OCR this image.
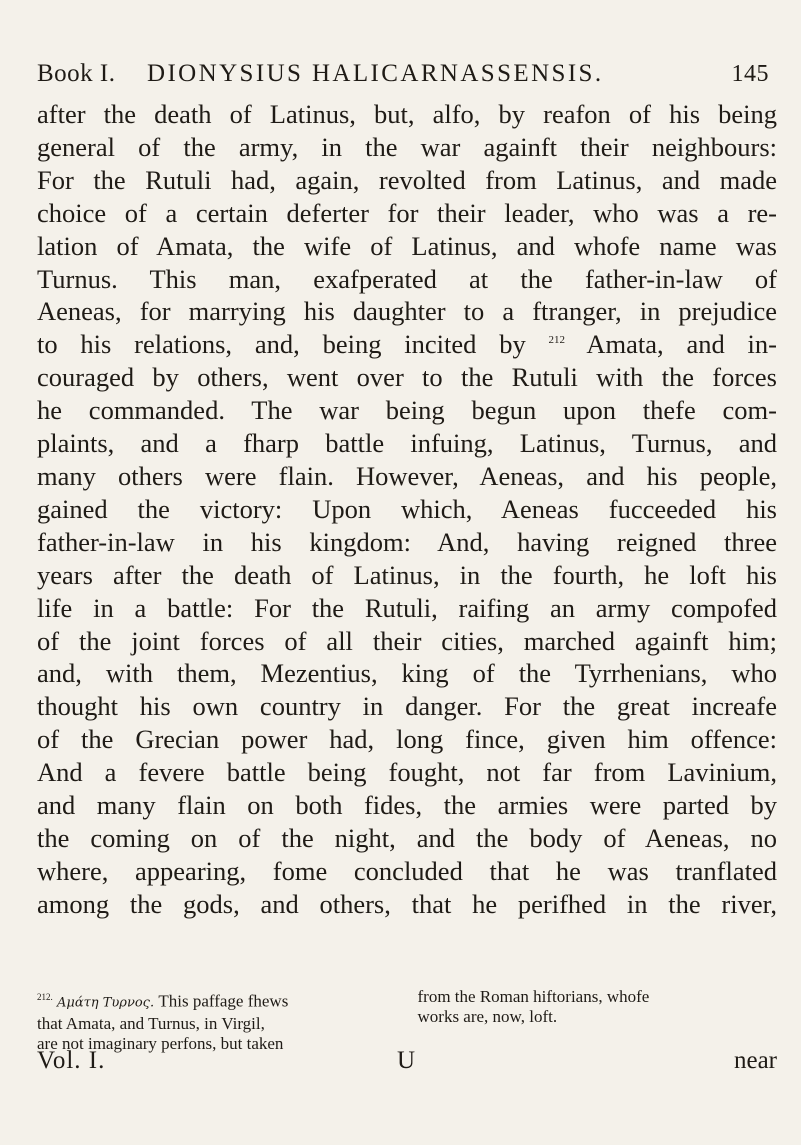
Book I.	DIONYSIUS HALICARNASSENSIS.	145
after the death of Latinus, but, alfo, by reafon of his being
general of the army, in the war againft their neighbours:
For the Rutuli had, again, revolted from Latinus, and made
choice of a certain deferter for their leader, who was a re-
lation of Amata, the wife of Latinus, and whofe name was
Turnus. This man, exafperated at the father-in-law of
Aeneas, for marrying his daughter to a ftranger, in prejudice
to his relations, and, being incited by $^{212}$ Amata, and in-
couraged by others, went over to the Rutuli with the forces
he commanded. The war being begun upon thefe com-
plaints, and a fharp battle infuing, Latinus, Turnus, and
many others were flain. However, Aeneas, and his people,
gained the victory: Upon which, Aeneas fucceeded his
father-in-law in his kingdom: And, having reigned three
years after the death of Latinus, in the fourth, he loft his
life in a battle: For the Rutuli, raifing an army compofed
of the joint forces of all their cities, marched againft him;
and, with them, Mezentius, king of the Tyrrhenians, who
thought his own country in danger. For the great increafe
of the Grecian power had, long fince, given him offence:
And a fevere battle being fought, not far from Lavinium,
and many flain on both fides, the armies were parted by
the coming on of the night, and the body of Aeneas, no
where, appearing, fome concluded that he was tranflated
among the gods, and others, that he perifhed in the river,
$^{212.}$ Αμάτη Τυρνος. This paffage fhews
that Amata, and Turnus, in Virgil,
are not imaginary perfons, but taken
from the Roman hiftorians, whofe
works are, now, loft.
Vol. I.	U	near
